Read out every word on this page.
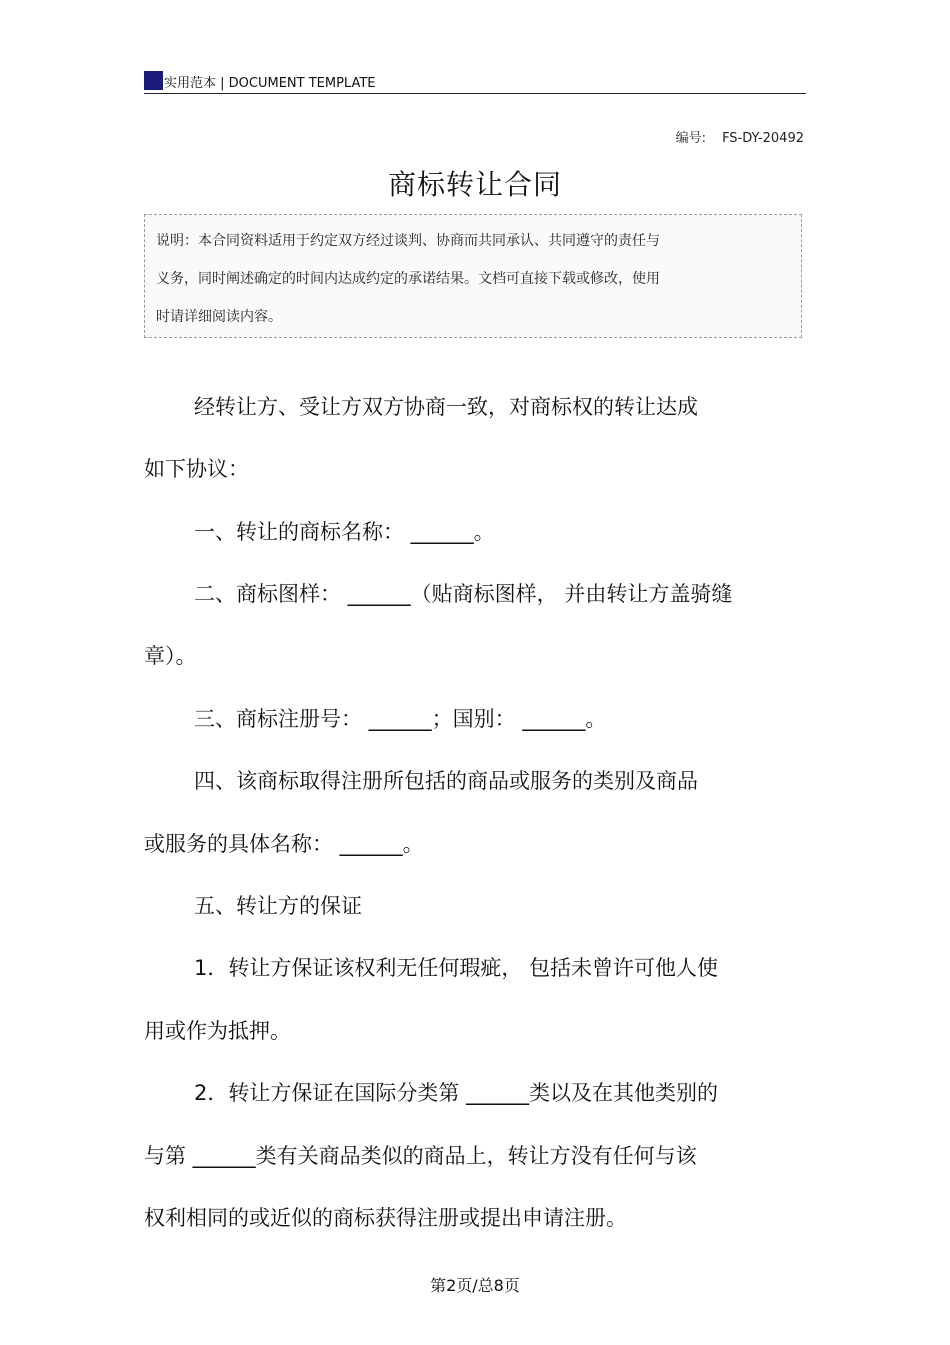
实用范本 | DOCUMENT TEMPLATE
编号: FS-DY-20492
商标转让合同
说明：本合同资料适用于约定双方经过谈判、协商而共同承认、共同遵守的责任与
义务，同时阐述确定的时间内达成约定的承诺结果。文档可直接下载或修改，使用
时请详细阅读内容。
经转让方、受让方双方协商一致，对商标权的转让达成
如下协议：
一、转让的商标名称： ______。
二、商标图样： ______（贴商标图样， 并由转让方盖骑缝
章）。
三、商标注册号： ______；国别： ______。
四、该商标取得注册所包括的商品或服务的类别及商品
或服务的具体名称： ______。
五、转让方的保证
1．转让方保证该权利无任何瑕疵， 包括未曾许可他人使
用或作为抵押。
2．转让方保证在国际分类第 ______类以及在其他类别的
与第 ______类有关商品类似的商品上，转让方没有任何与该
权利相同的或近似的商标获得注册或提出申请注册。
第2页/总8页
